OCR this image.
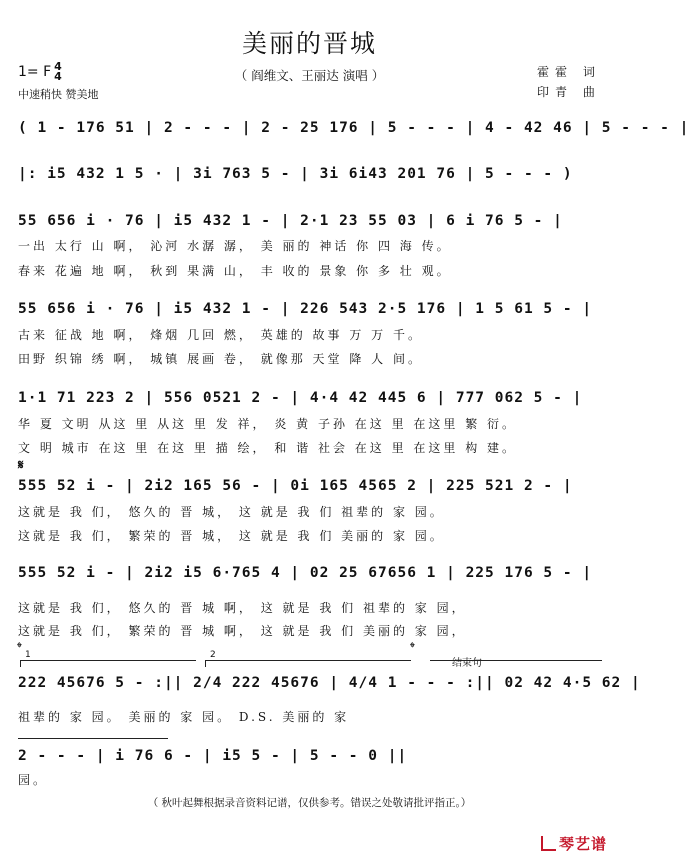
美丽的晋城
1= F 4
4	（ 阎维文、王丽达 演唱 ）
中速稍快 赞美地
霍霍 词
印青 曲
( 1 - 176 51 | 2 - - - | 2 - 25 176 | 5 - - - | 4 - 42 46 | 5 - - - |
|: i5 432 1 5 · | 3i 763 5 - | 3i 6i43 201 76 | 5 - - - )
55 656 i · 76 | i5 432 1 - | 2·1 23 55 03 | 6 i 76 5 - |
一出 太行 山 啊， 沁河 水潺 潺， 美 丽的 神话 你 四 海 传。
春来 花遍 地 啊， 秋到 果满 山， 丰 收的 景象 你 多 壮 观。
55 656 i · 76 | i5 432 1 - | 226 543 2·5 176 | 1 5 61 5 - |
古来 征战 地 啊， 烽烟 几回 燃， 英雄的 故事 万 万 千。
田野 织锦 绣 啊， 城镇 展画 卷， 就像那 天堂 降 人 间。
1·1 71 223 2 | 556 0521 2 - | 4·4 42 445 6 | 777 062 5 - |
华 夏 文明 从这 里 从这 里 发 祥， 炎 黄 子孙 在这 里 在这里 繁 衍。
文 明 城市 在这 里 在这 里 描 绘， 和 谐 社会 在这 里 在这里 构 建。
𝄋
555 52 i - | 2i2 165 56 - | 0i 165 4565 2 | 225 521 2 - |
这就是 我 们， 悠久的 晋 城， 这 就是 我 们 祖辈的 家 园。
这就是 我 们， 繁荣的 晋 城， 这 就是 我 们 美丽的 家 园。
555 52 i - | 2i2 i5 6·765 4 | 02 25 67656 1 | 225 176 5 - |
这就是 我 们， 悠久的 晋 城 啊， 这 就是 我 们 祖辈的 家 园，
这就是 我 们， 繁荣的 晋 城 啊， 这 就是 我 们 美丽的 家 园，
𝄌	𝄌
1	2
结束句
222 45676 5 - :|| 2/4 222 45676 | 4/4 1 - - - :|| 02 42 4·5 62 |
祖辈的 家 园。 美丽的 家 园。 D.S. 美丽的 家
2 - - - | i 76 6 - | i5 5 - | 5 - - 0 ||
园。
（ 秋叶起舞根据录音资料记谱，仅供参考。错误之处敬请批评指正。）
琴艺谱
